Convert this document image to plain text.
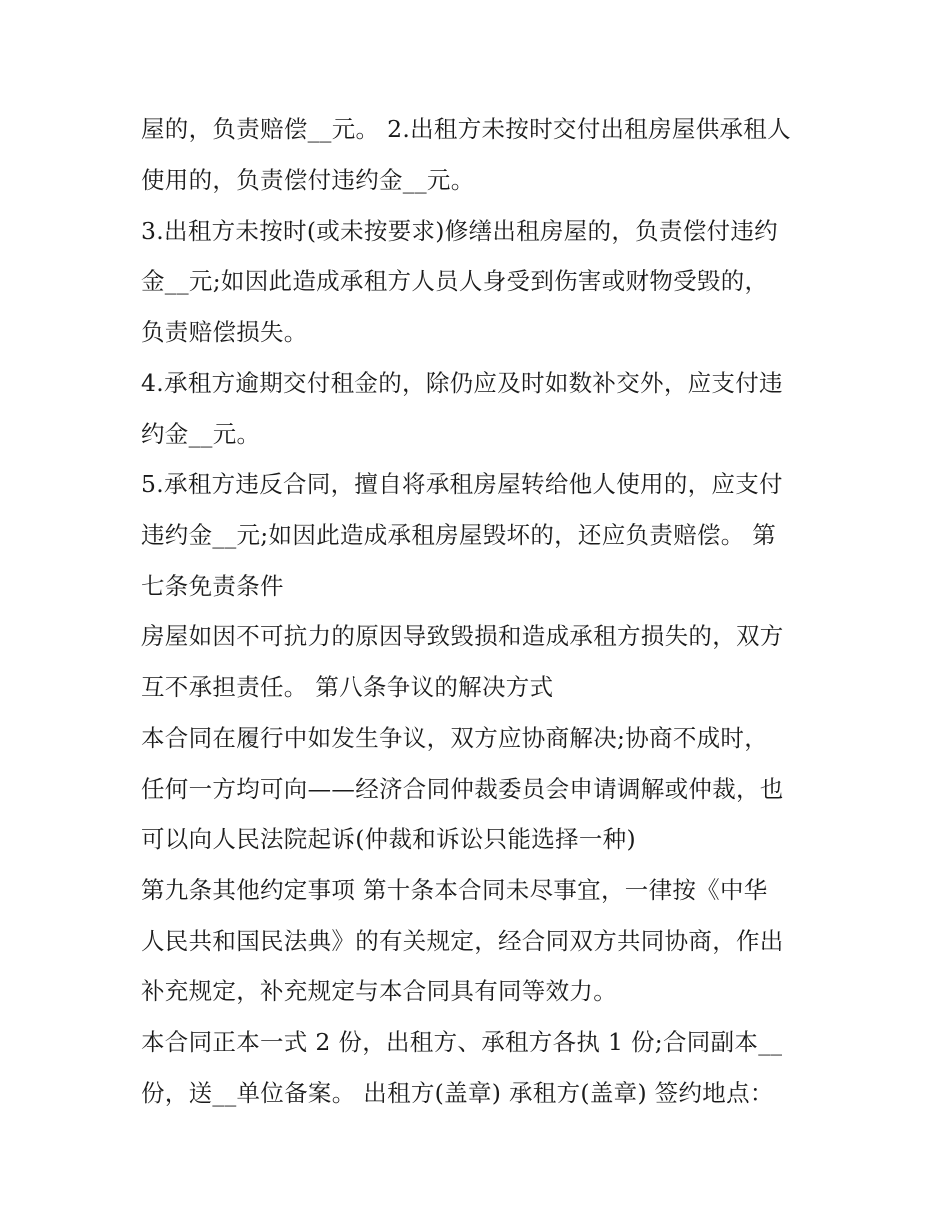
屋的，负责赔偿__元。 2.出租方未按时交付出租房屋供承租人
使用的，负责偿付违约金__元。
3.出租方未按时(或未按要求)修缮出租房屋的，负责偿付违约
金__元;如因此造成承租方人员人身受到伤害或财物受毁的，
负责赔偿损失。
4.承租方逾期交付租金的，除仍应及时如数补交外，应支付违
约金__元。
5.承租方违反合同，擅自将承租房屋转给他人使用的，应支付
违约金__元;如因此造成承租房屋毁坏的，还应负责赔偿。 第
七条免责条件
房屋如因不可抗力的原因导致毁损和造成承租方损失的，双方
互不承担责任。 第八条争议的解决方式
本合同在履行中如发生争议，双方应协商解决;协商不成时，
任何一方均可向——经济合同仲裁委员会申请调解或仲裁，也
可以向人民法院起诉(仲裁和诉讼只能选择一种)
第九条其他约定事项 第十条本合同未尽事宜，一律按《中华
人民共和国民法典》的有关规定，经合同双方共同协商，作出
补充规定，补充规定与本合同具有同等效力。
本合同正本一式 2 份，出租方、承租方各执 1 份;合同副本__
份，送__单位备案。 出租方(盖章) 承租方(盖章) 签约地点：
